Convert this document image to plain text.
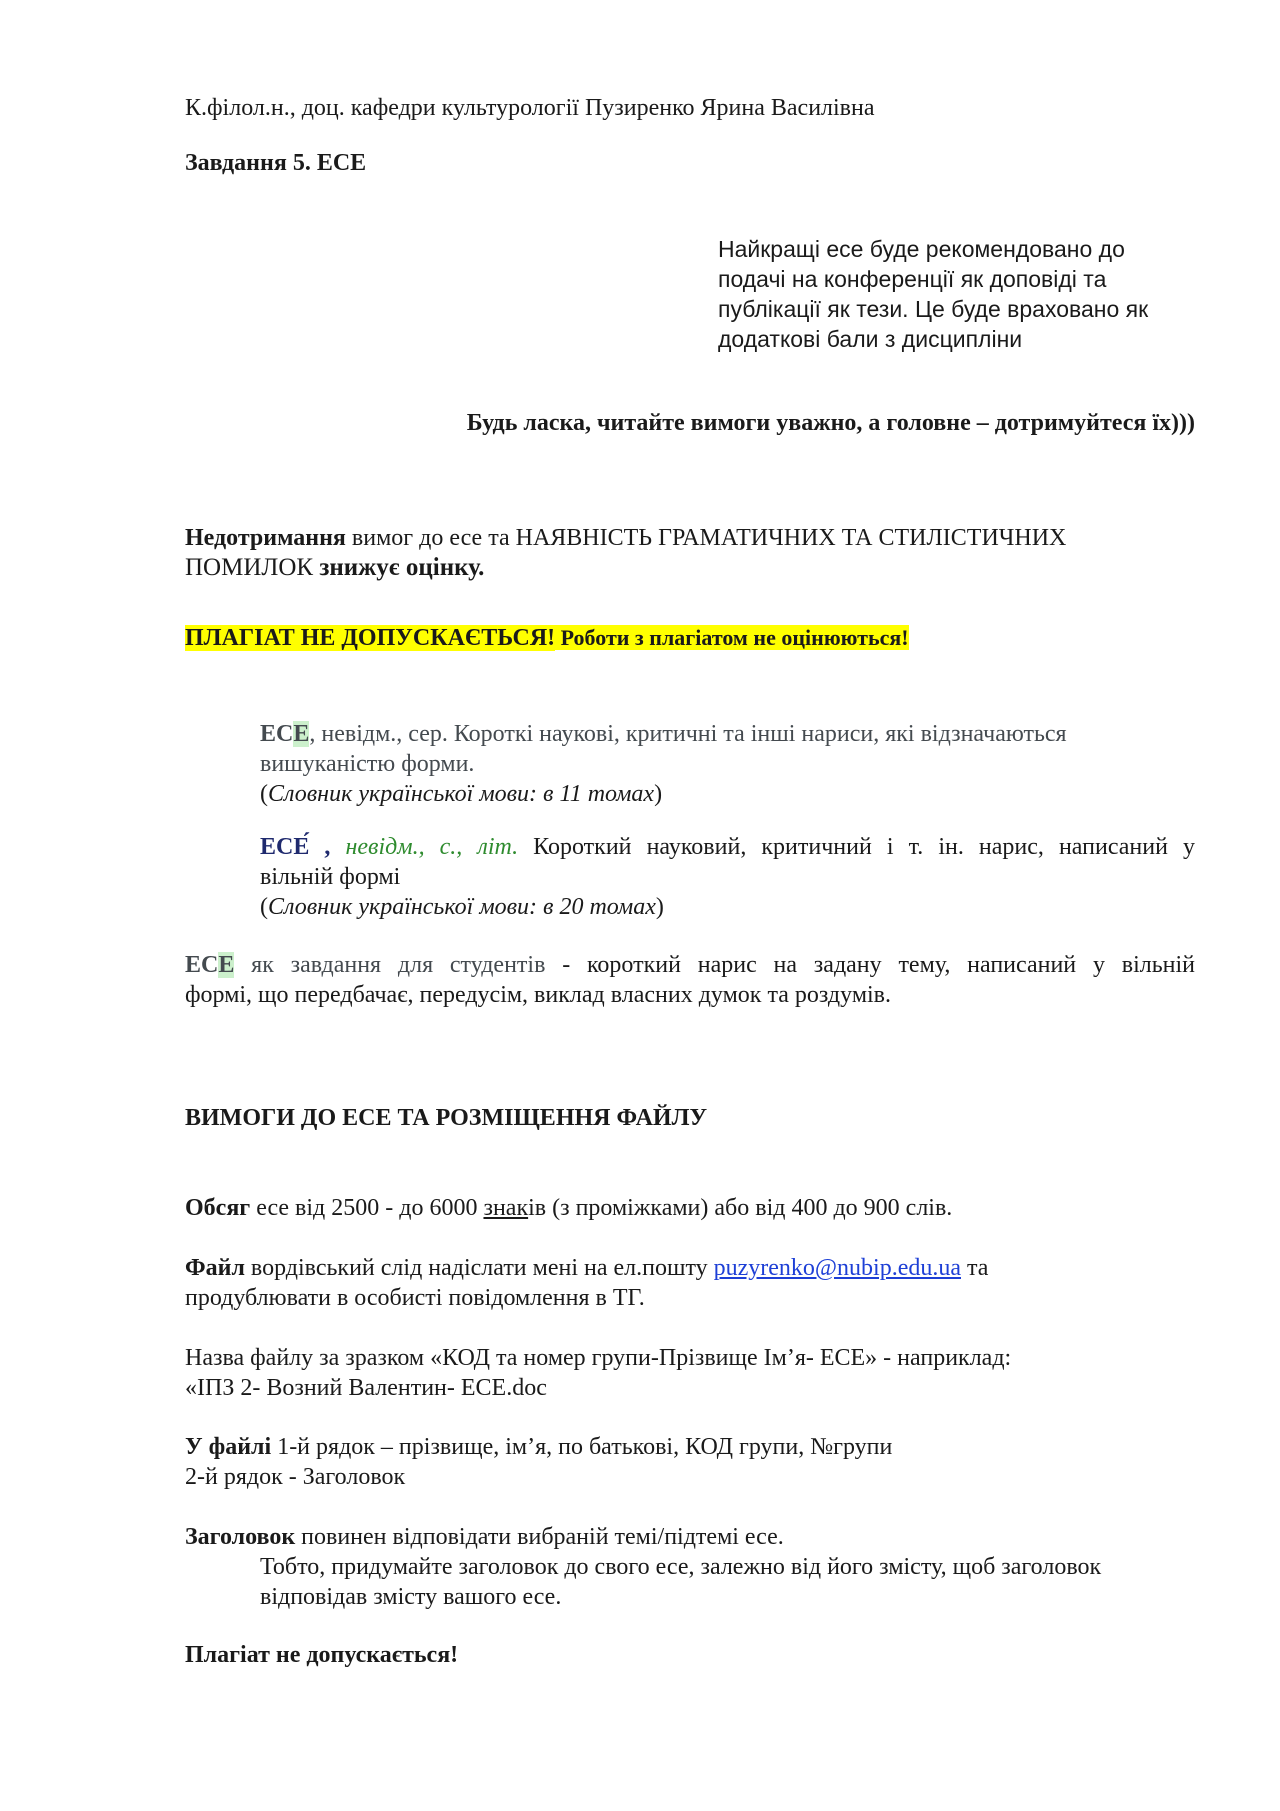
К.філол.н., доц. кафедри культурології Пузиренко Ярина Василівна

Завдання 5. ЕСЕ

Найкращі есе буде рекомендовано до
подачі на конференції як доповіді та
публікації як тези. Це буде враховано як
додаткові бали з дисципліни

Будь ласка, читайте вимоги уважно, а головне – дотримуйтеся їх)))

Недотримання вимог до есе та НАЯВНІСТЬ ГРАМАТИЧНИХ ТА СТИЛІСТИЧНИХ
ПОМИЛОК знижує оцінку.

ПЛАГІАТ НЕ ДОПУСКАЄТЬСЯ! Роботи з плагіатом не оцінюються!

ЕСЕ, невідм., сер. Короткі наукові, критичні та інші нариси, які відзначаються
вишуканістю форми.
(Словник української мови: в 11 томах)
ЕСЕ́ , невідм., с., літ. Короткий науковий, критичний і т. ін. нарис, написаний у
вільній формі
(Словник української мови: в 20 томах)
ЕСЕ як завдання для студентів - короткий нарис на задану тему, написаний у вільній
формі, що передбачає, передусім, виклад власних думок та роздумів.

ВИМОГИ ДО ЕСЕ ТА РОЗМІЩЕННЯ ФАЙЛУ

Обсяг есе від 2500 - до 6000 знаків (з проміжками) або від 400 до 900 слів.

Файл вордівський слід надіслати мені на ел.пошту puzyrenko@nubip.edu.ua та
продублювати в особисті повідомлення в ТГ.
Назва файлу за зразком «КОД та номер групи-Прізвище Ім’я- ЕСЕ» - наприклад:
«ІПЗ 2- Возний Валентин- ЕСЕ.doc
У файлі 1-й рядок – прізвище, ім’я, по батькові, КОД групи, №групи
2-й рядок - Заголовок
Заголовок повинен відповідати вибраній темі/підтемі есе.
Тобто, придумайте заголовок до свого есе, залежно від його змісту, щоб заголовок
відповідав змісту вашого есе.

Плагіат не допускається!
